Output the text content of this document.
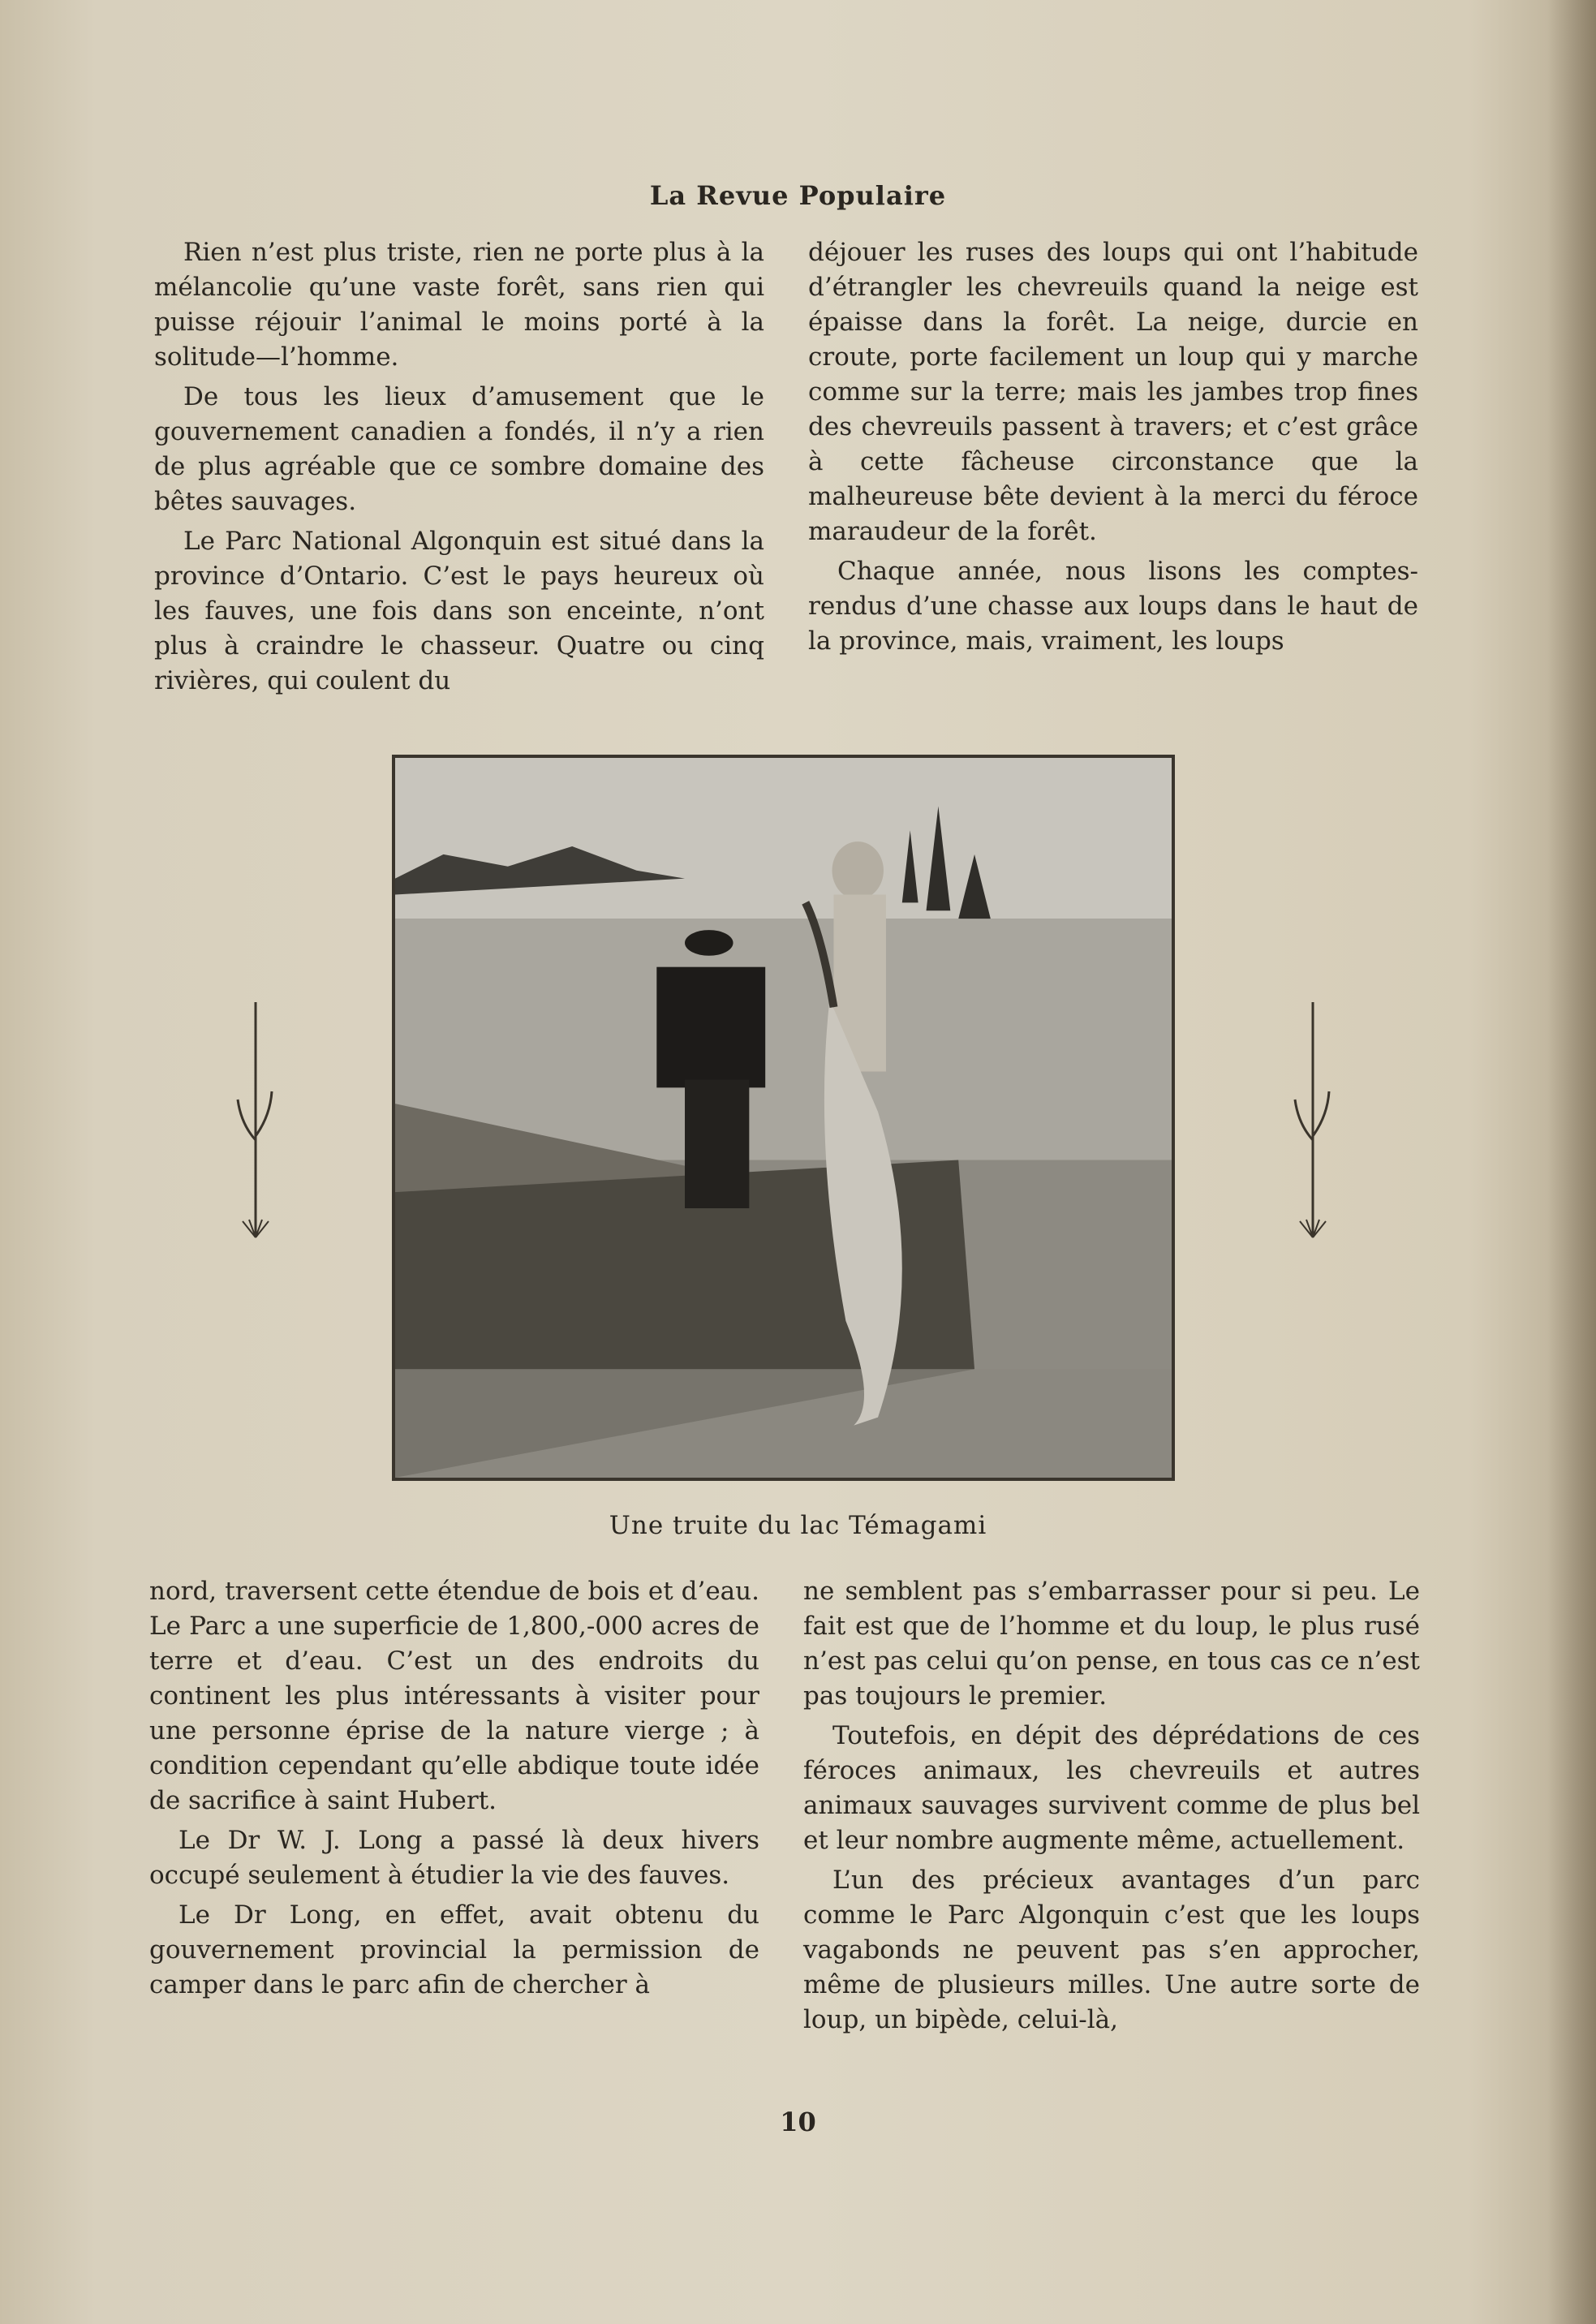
La Revue Populaire

Rien n’est plus triste, rien ne porte plus à la mélancolie qu’une vaste forêt, sans rien qui puisse réjouir l’animal le moins porté à la solitude—l’homme.

De tous les lieux d’amusement que le gouvernement canadien a fondés, il n’y a rien de plus agréable que ce sombre domaine des bêtes sauvages.

Le Parc National Algonquin est situé dans la province d’Ontario. C’est le pays heureux où les fauves, une fois dans son enceinte, n’ont plus à craindre le chasseur. Quatre ou cinq rivières, qui coulent du

déjouer les ruses des loups qui ont l’habitude d’étrangler les chevreuils quand la neige est épaisse dans la forêt. La neige, durcie en croute, porte facilement un loup qui y marche comme sur la terre; mais les jambes trop fines des chevreuils passent à travers; et c’est grâce à cette fâcheuse circonstance que la malheureuse bête devient à la merci du féroce maraudeur de la forêt.

Chaque année, nous lisons les comptes-rendus d’une chasse aux loups dans le haut de la province, mais, vraiment, les loups

Une truite du lac Témagami

nord, traversent cette étendue de bois et d’eau. Le Parc a une superficie de 1,800,-000 acres de terre et d’eau. C’est un des endroits du continent les plus intéressants à visiter pour une personne éprise de la nature vierge ; à condition cependant qu’elle abdique toute idée de sacrifice à saint Hubert.

Le Dr W. J. Long a passé là deux hivers occupé seulement à étudier la vie des fauves.

Le Dr Long, en effet, avait obtenu du gouvernement provincial la permission de camper dans le parc afin de chercher à

ne semblent pas s’embarrasser pour si peu. Le fait est que de l’homme et du loup, le plus rusé n’est pas celui qu’on pense, en tous cas ce n’est pas toujours le premier.

Toutefois, en dépit des déprédations de ces féroces animaux, les chevreuils et autres animaux sauvages survivent comme de plus bel et leur nombre augmente même, actuellement.

L’un des précieux avantages d’un parc comme le Parc Algonquin c’est que les loups vagabonds ne peuvent pas s’en approcher, même de plusieurs milles. Une autre sorte de loup, un bipède, celui-là,

10
